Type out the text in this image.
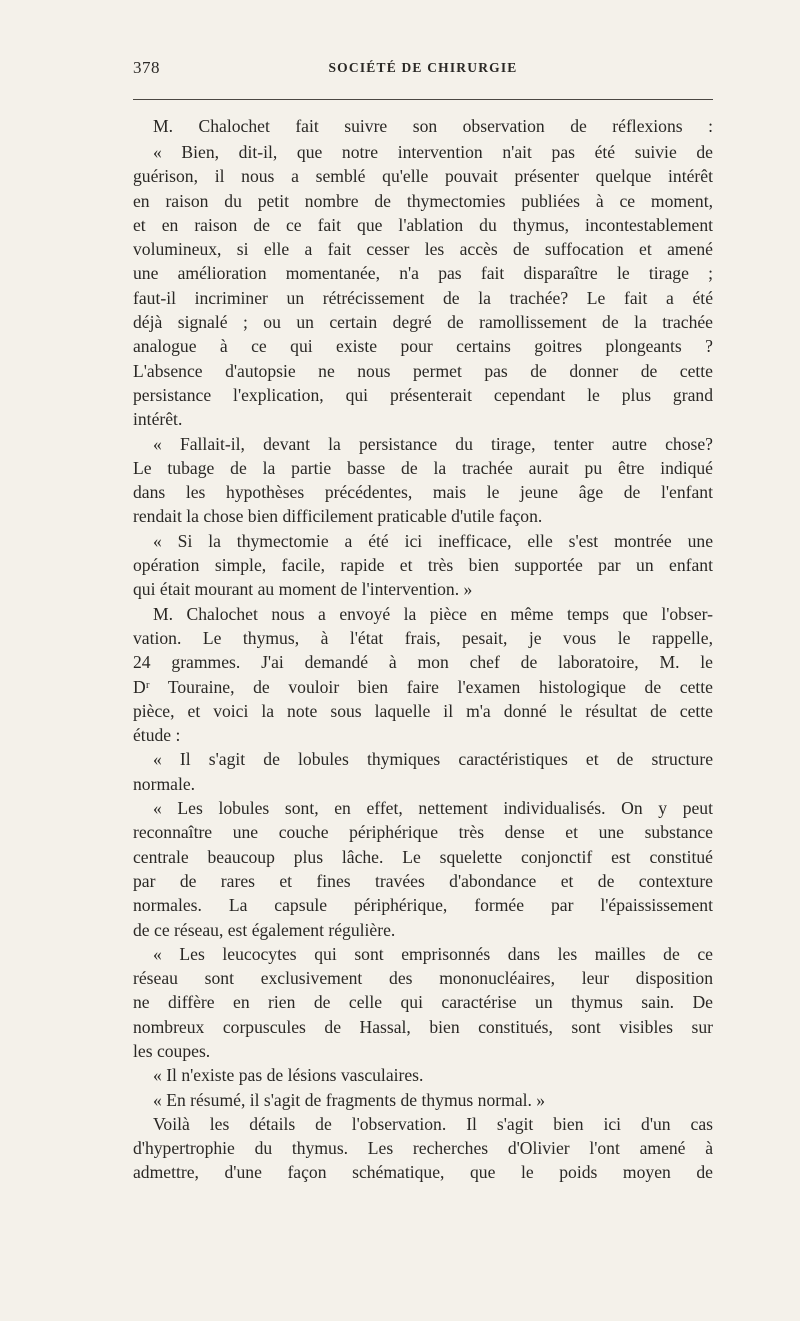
378	SOCIÉTÉ DE CHIRURGIE
M. Chalochet fait suivre son observation de réflexions :
« Bien, dit-il, que notre intervention n'ait pas été suivie de
guérison, il nous a semblé qu'elle pouvait présenter quelque intérêt
en raison du petit nombre de thymectomies publiées à ce moment,
et en raison de ce fait que l'ablation du thymus, incontestablement
volumineux, si elle a fait cesser les accès de suffocation et amené
une amélioration momentanée, n'a pas fait disparaître le tirage ;
faut-il incriminer un rétrécissement de la trachée? Le fait a été
déjà signalé ; ou un certain degré de ramollissement de la trachée
analogue à ce qui existe pour certains goitres plongeants ?
L'absence d'autopsie ne nous permet pas de donner de cette
persistance l'explication, qui présenterait cependant le plus grand
intérêt.
« Fallait-il, devant la persistance du tirage, tenter autre chose?
Le tubage de la partie basse de la trachée aurait pu être indiqué
dans les hypothèses précédentes, mais le jeune âge de l'enfant
rendait la chose bien difficilement praticable d'utile façon.
« Si la thymectomie a été ici inefficace, elle s'est montrée une
opération simple, facile, rapide et très bien supportée par un enfant
qui était mourant au moment de l'intervention. »
M. Chalochet nous a envoyé la pièce en même temps que l'obser-
vation. Le thymus, à l'état frais, pesait, je vous le rappelle,
24 grammes. J'ai demandé à mon chef de laboratoire, M. le
Dʳ Touraine, de vouloir bien faire l'examen histologique de cette
pièce, et voici la note sous laquelle il m'a donné le résultat de cette
étude :
« Il s'agit de lobules thymiques caractéristiques et de structure
normale.
« Les lobules sont, en effet, nettement individualisés. On y peut
reconnaître une couche périphérique très dense et une substance
centrale beaucoup plus lâche. Le squelette conjonctif est constitué
par de rares et fines travées d'abondance et de contexture
normales. La capsule périphérique, formée par l'épaississement
de ce réseau, est également régulière.
« Les leucocytes qui sont emprisonnés dans les mailles de ce
réseau sont exclusivement des mononucléaires, leur disposition
ne diffère en rien de celle qui caractérise un thymus sain. De
nombreux corpuscules de Hassal, bien constitués, sont visibles sur
les coupes.
« Il n'existe pas de lésions vasculaires.
« En résumé, il s'agit de fragments de thymus normal. »
Voilà les détails de l'observation. Il s'agit bien ici d'un cas
d'hypertrophie du thymus. Les recherches d'Olivier l'ont amené à
admettre, d'une façon schématique, que le poids moyen de
